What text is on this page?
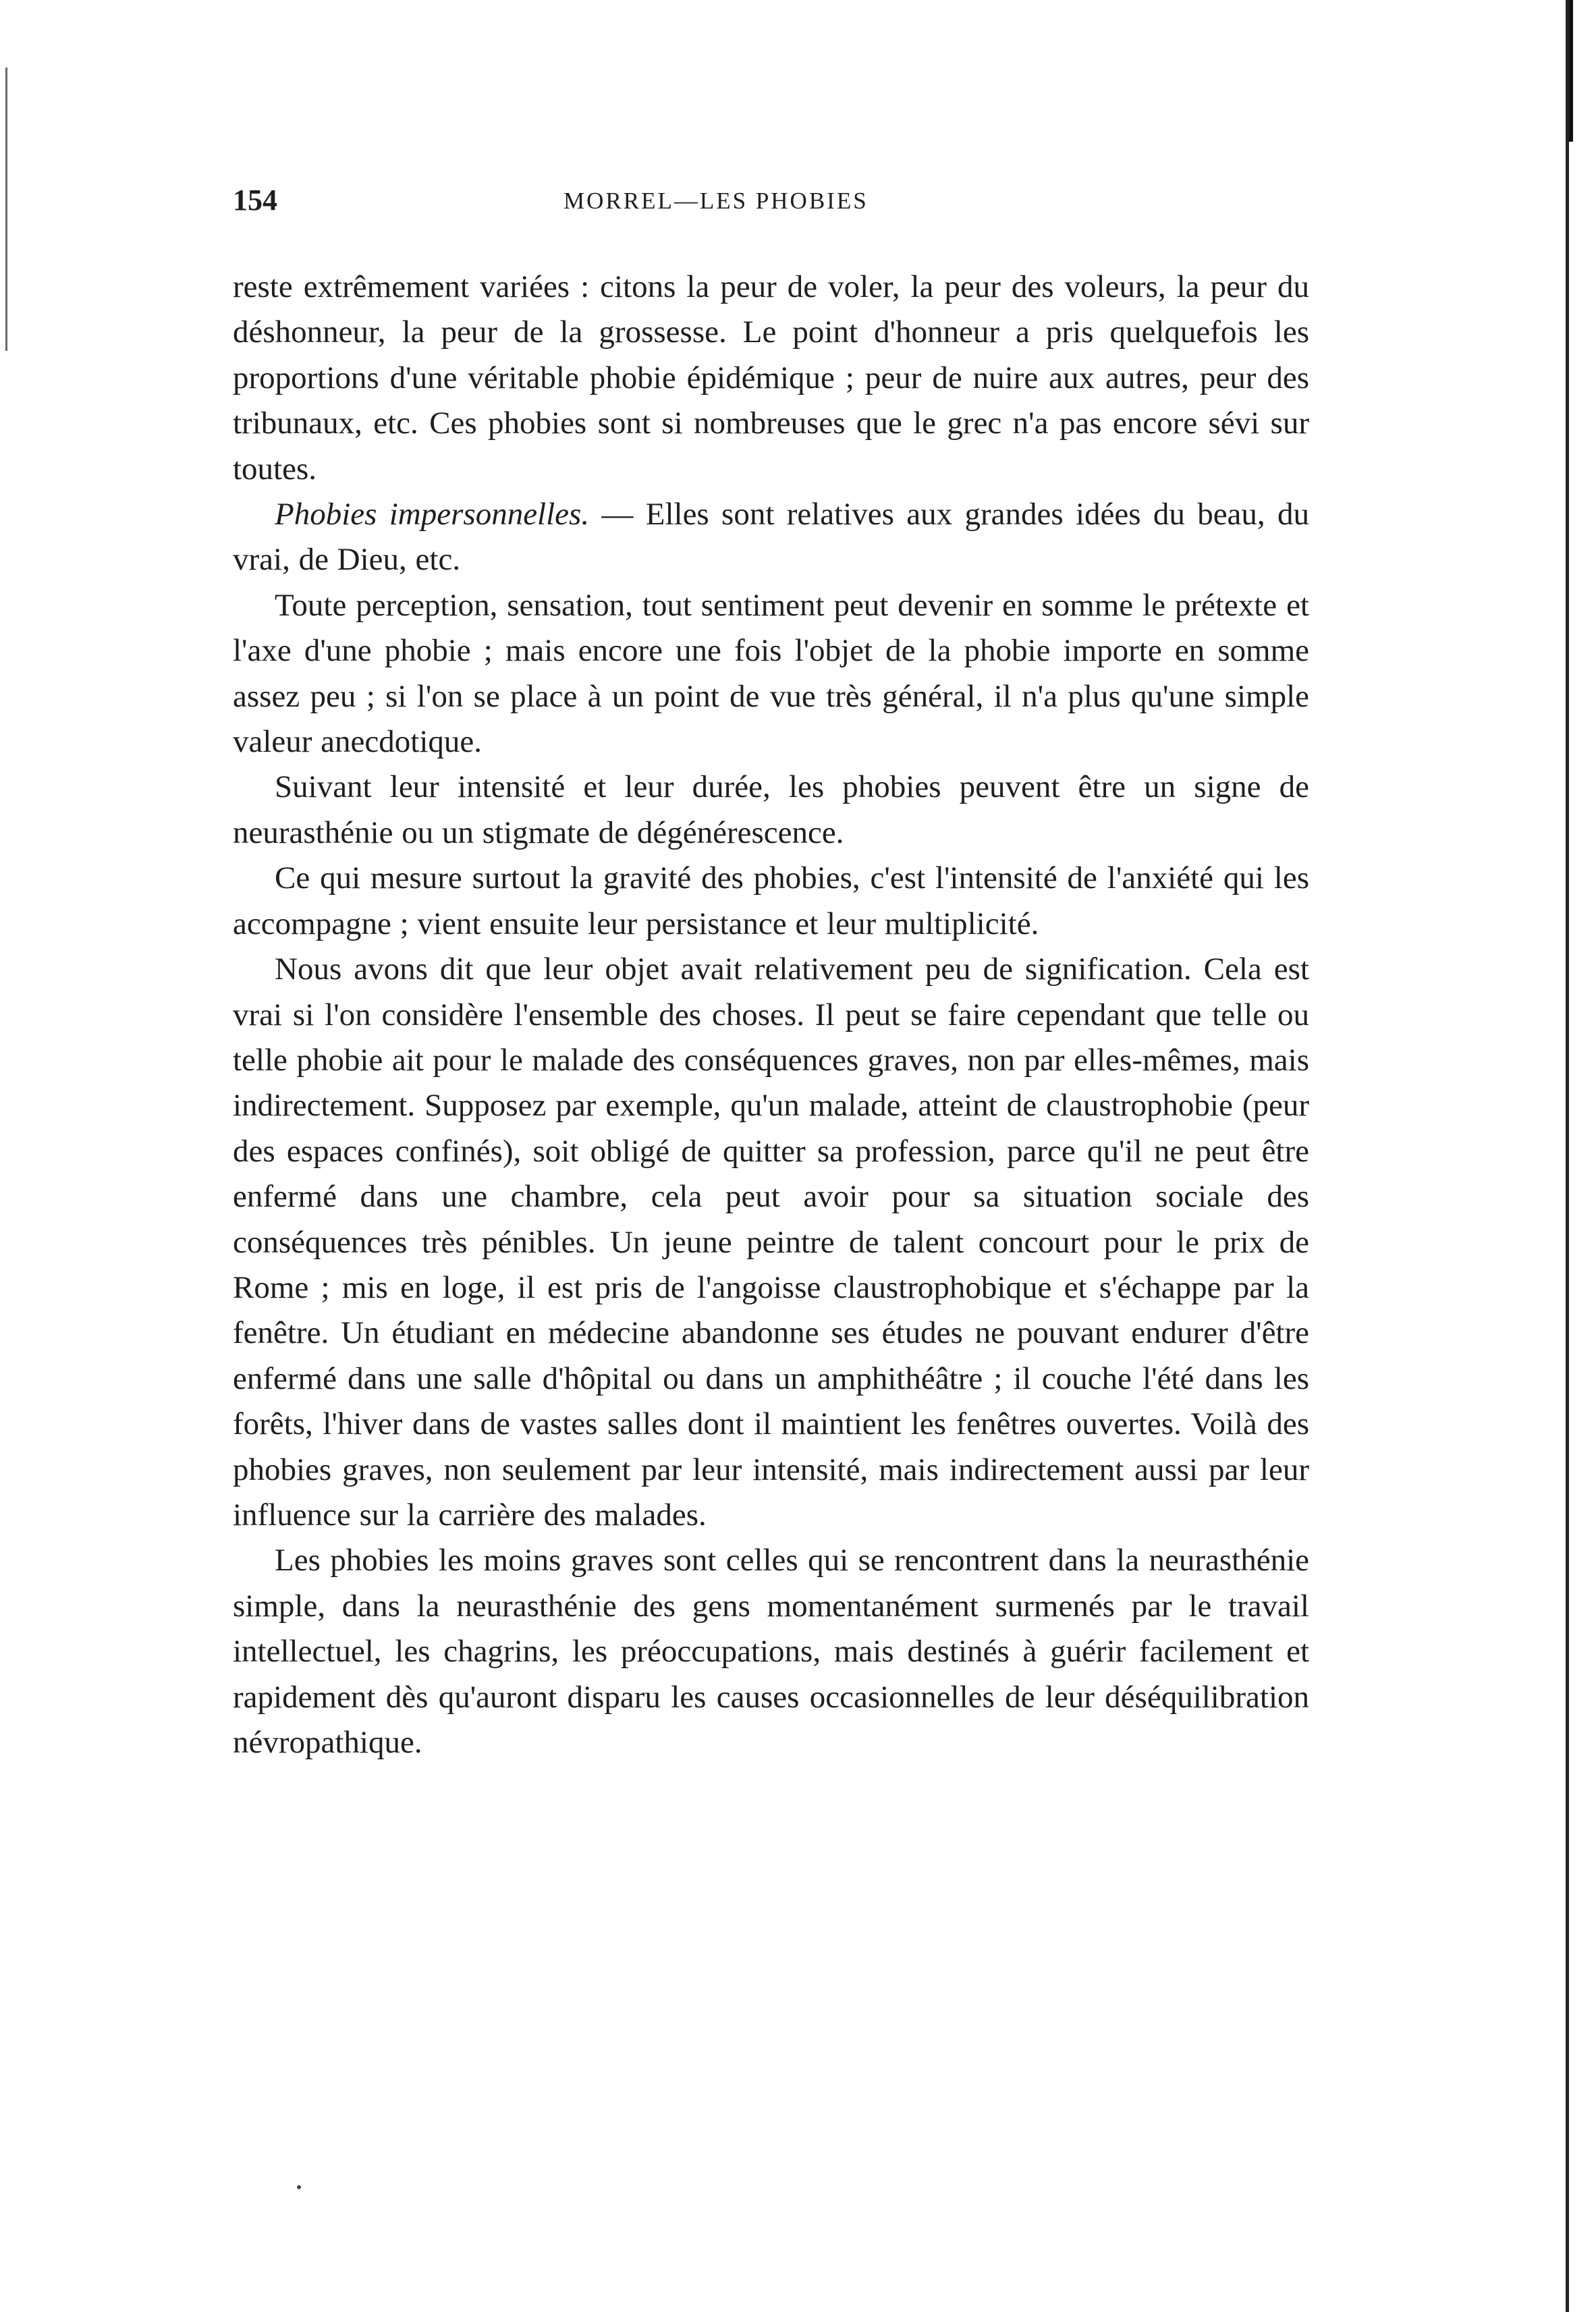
154	MORREL—LES PHOBIES

reste extrêmement variées : citons la peur de voler, la peur des voleurs, la peur du déshonneur, la peur de la grossesse. Le point d'honneur a pris quelquefois les proportions d'une véritable phobie épidémique ; peur de nuire aux autres, peur des tribunaux, etc. Ces phobies sont si nombreuses que le grec n'a pas encore sévi sur toutes.

Phobies impersonnelles. — Elles sont relatives aux grandes idées du beau, du vrai, de Dieu, etc.

Toute perception, sensation, tout sentiment peut devenir en somme le prétexte et l'axe d'une phobie ; mais encore une fois l'objet de la phobie importe en somme assez peu ; si l'on se place à un point de vue très général, il n'a plus qu'une simple valeur anecdotique.

Suivant leur intensité et leur durée, les phobies peuvent être un signe de neurasthénie ou un stigmate de dégénérescence.

Ce qui mesure surtout la gravité des phobies, c'est l'intensité de l'anxiété qui les accompagne ; vient ensuite leur persistance et leur multiplicité.

Nous avons dit que leur objet avait relativement peu de signification. Cela est vrai si l'on considère l'ensemble des choses. Il peut se faire cependant que telle ou telle phobie ait pour le malade des conséquences graves, non par elles-mêmes, mais indirectement. Supposez par exemple, qu'un malade, atteint de claustrophobie (peur des espaces confinés), soit obligé de quitter sa profession, parce qu'il ne peut être enfermé dans une chambre, cela peut avoir pour sa situation sociale des conséquences très pénibles. Un jeune peintre de talent concourt pour le prix de Rome ; mis en loge, il est pris de l'angoisse claustrophobique et s'échappe par la fenêtre. Un étudiant en médecine abandonne ses études ne pouvant endurer d'être enfermé dans une salle d'hôpital ou dans un amphithéâtre ; il couche l'été dans les forêts, l'hiver dans de vastes salles dont il maintient les fenêtres ouvertes. Voilà des phobies graves, non seulement par leur intensité, mais indirectement aussi par leur influence sur la carrière des malades.

Les phobies les moins graves sont celles qui se rencontrent dans la neurasthénie simple, dans la neurasthénie des gens momentanément surmenés par le travail intellectuel, les chagrins, les préoccupations, mais destinés à guérir facilement et rapidement dès qu'auront disparu les causes occasionnelles de leur déséquilibration névropathique.
